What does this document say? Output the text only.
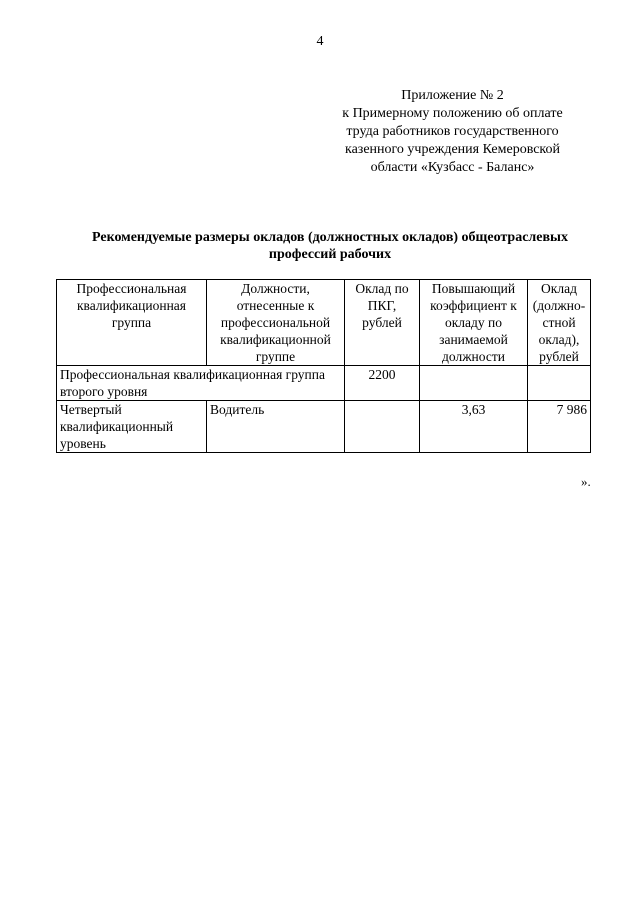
4
Приложение № 2
к Примерному положению об оплате
труда работников государственного
казенного учреждения Кемеровской
области «Кузбасс - Баланс»
Рекомендуемые размеры окладов (должностных окладов) общеотраслевых
профессий рабочих
Профессиональная квалификационная группа	Должности, отнесенные к профессиональной квалификационной группе	Оклад по ПКГ, рублей	Повышающий коэффициент к окладу по занимаемой должности	Оклад (должно-стной оклад), рублей
Профессиональная квалификационная группа второго уровня		2200		
Четвертый квалификационный уровень	Водитель		3,63	7 986
».
